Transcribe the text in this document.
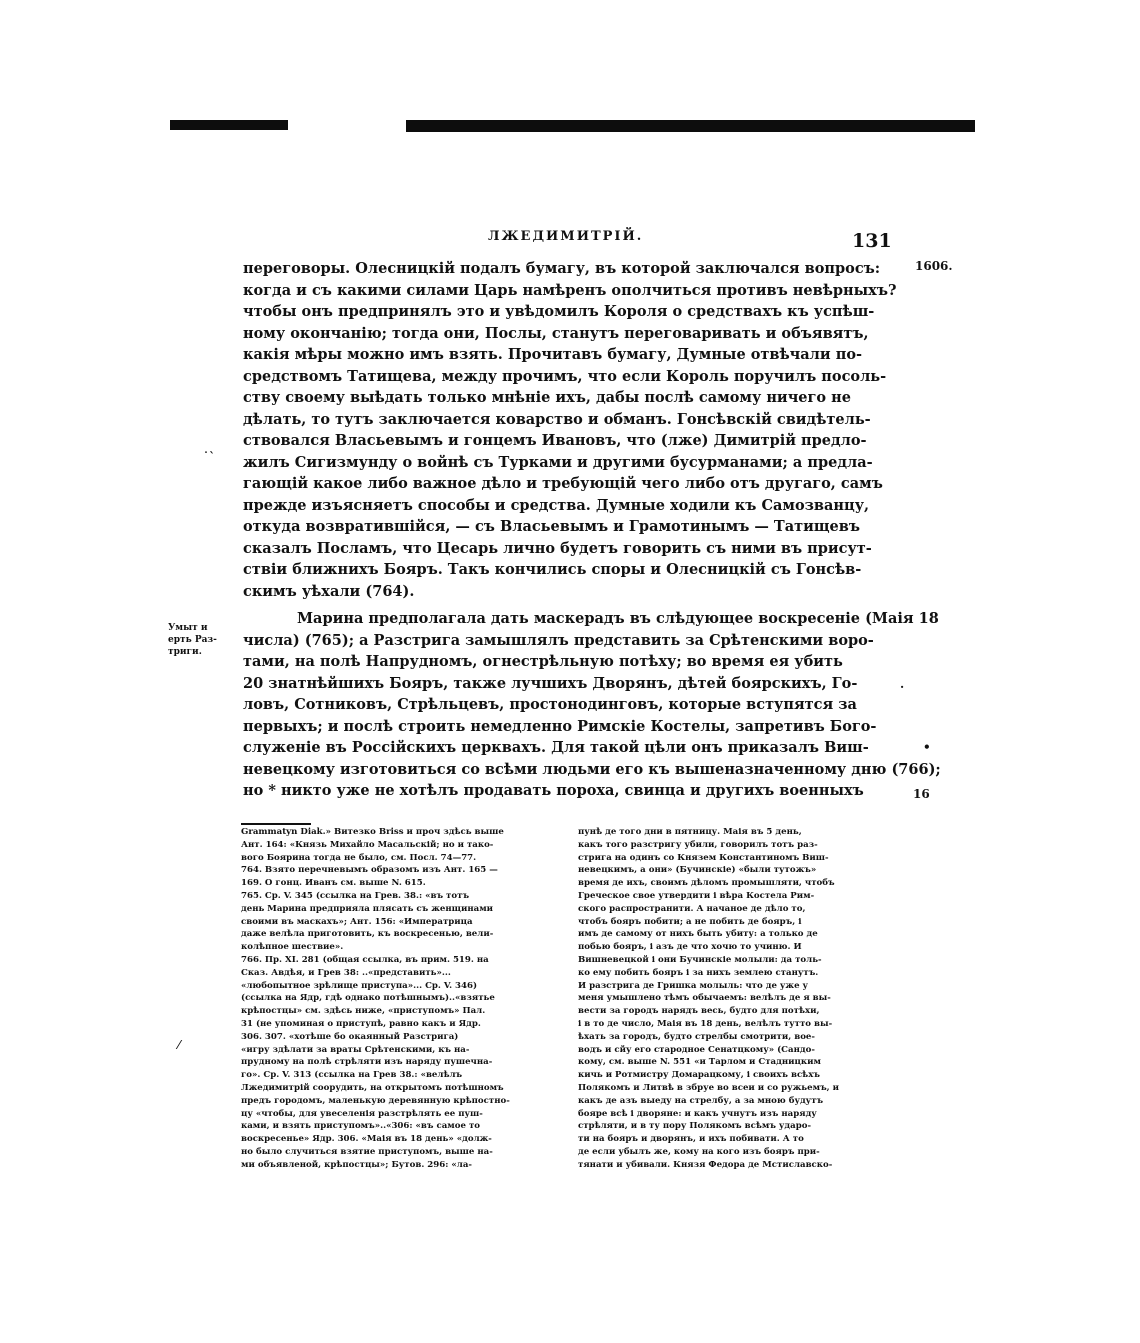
ЛЖЕДИМИТРІЙ.	131
1606.
Умыт и
ерть Раз-
триги.
16
˙`
·
•
⁄

переговоры. Олесницкій подалъ бумагу, въ которой заключался вопросъ:
когда и съ какими силами Царь намѣренъ ополчиться противъ невѣрныхъ?
чтобы онъ предпринялъ это и увѣдомилъ Короля о средствахъ къ успѣш-
ному окончанію; тогда они, Послы, станутъ переговаривать и объявятъ,
какія мѣры можно имъ взять. Прочитавъ бумагу, Думные отвѣчали по-
средствомъ Татищева, между прочимъ, что если Король поручилъ посоль-
ству своему выѣдать только мнѣніе ихъ, дабы послѣ самому ничего не
дѣлать, то тутъ заключается коварство и обманъ. Гонсѣвскій свидѣтель-
ствовался Власьевымъ и гонцемъ Ивановъ, что (лже) Димитрій предло-
жилъ Сигизмунду о войнѣ съ Турками и другими бусурманами; а предла-
гающій какое либо важное дѣло и требующій чего либо отъ другаго, самъ
прежде изъясняетъ способы и средства. Думные ходили къ Самозванцу,
откуда возвратившійся, — съ Власьевымъ и Грамотинымъ — Татищевъ
сказалъ Посламъ, что Цесарь лично будетъ говорить съ ними въ присут-
ствіи ближнихъ Бояръ. Такъ кончились споры и Олесницкій съ Гонсѣв-
скимъ уѣхали (764).

Марина предполагала дать маскерадъ въ слѣдующее воскресеніе (Маія 18
числа) (765); а Разстрига замышлялъ представить за Срѣтенскими воро-
тами, на полѣ Напрудномъ, огнестрѣльную потѣху; во время ея убить
20 знатнѣйшихъ Бояръ, также лучшихъ Дворянъ, дѣтей боярскихъ, Го-
ловъ, Сотниковъ, Стрѣльцевъ, простонодинговъ, которые вступятся за
первыхъ; и послѣ строить немедленно Римскіе Костелы, запретивъ Бого-
служеніе въ Россійскихъ церквахъ. Для такой цѣли онъ приказалъ Виш-
невецкому изготовиться со всѣми людьми его къ вышеназначенному дню (766);
но * никто уже не хотѣлъ продавать пороха, свинца и другихъ военныхъ

Grammatyn Diak.» Витезко Briss и проч здѣсь выше
Ант. 164: «Князь Михайло Масальскій; но и тако-
вого Боярина тогда не было, см. Посл. 74—77.
764. Взято перечневымъ образомъ изъ Ант. 165 —
169. О гонц. Иванъ см. выше N. 615.
765. Ср. V. 345 (ссылка на Грев. 38.: «въ тотъ
день Марина предприяла плясать съ женщинами
своими въ маскахъ»; Ант. 156: «Императрица
даже велѣла приготовить, къ воскресенью, вели-
колѣпное шествие».
766. Пр. XI. 281 (общая ссылка, въ прим. 519. на
Сказ. Авдѣя, и Грев 38: ..«представить»...
«любопытное зрѣлище приступа»... Ср. V. 346)
(ссылка на Ядр, гдѣ однако потѣшнымъ)..«взятье
крѣпостцы» см. здѣсь ниже, «приступомъ» Пал.
31 (не упоминая о приступѣ, равно какъ и Ядр.
306. 307. «хотѣше бо окаянный Разстрига)
«игру здѣлати за враты Срѣтенскими, къ на-
прудному на полѣ стрѣляти изъ наряду пушечна-
го». Ср. V. 313 (ссылка на Грев 38.: «велѣлъ
Лжедимитрій соорудить, на открытомъ потѣшномъ
предъ городомъ, маленькую деревянную крѣпостно-
цу «чтобы, для увеселенія разстрѣлять ее пуш-
ками, и взять приступомъ»..«306: «въ самое то
воскресенье» Ядр. 306. «Маія въ 18 день» «долж-
но было случиться взятие приступомъ, выше на-
ми объявленой, крѣпостцы»; Бутов. 296: «ла-
пунѣ де того дни в пятницу. Маія въ 5 день,
какъ того разстригу убили, говорилъ тотъ раз-
стрига на одинъ со Князем Константиномъ Виш-
невецкимъ, а они» (Бучинскіе) «были тутожъ»
время де ихъ, своимъ дѣломъ промышляти, чтобъ
Греческое свое утвердити і вѣра Костела Рим-
ского распространити. А начаное де дѣло то,
чтобъ бояръ побити; а не побить де бояръ, і
имъ де самому от нихъ быть убиту: а только де
побью бояръ, і азъ де что хочю то учиню. И
Вишневецкой і они Бучинскіе молыли: да толь-
ко ему побить бояръ і за нихъ землею станутъ.
И разстрига де Гришка молыль: что де уже у
меня умышлено тѣмъ обычаемъ: велѣлъ де я вы-
вести за городъ нарядъ весь, будто для потѣхи,
і в то де число, Маія въ 18 день, велѣлъ тутто вы-
ѣхать за городъ, будто стрелбы смотрити, вое-
водъ и сйу его стародное Сенатцкому» (Сандо-
кому, см. выше N. 551 «и Тарлом и Стадницким
кичь и Ротмистру Домарацкому, і своихъ всѣхъ
Полякомъ и Литвѣ в збруе во всеи и со ружьемъ, и
какъ де азъ выеду на стрелбу, а за мною будутъ
бояре всѣ і дворяне: и какъ учнутъ изъ наряду
стрѣляти, и в ту пору Полякомъ всѣмъ ударо-
ти на бояръ и дворянъ, и ихъ побивати. А то
де если убылъ же, кому на кого изъ бояръ при-
тянати и убивали. Князя Федора де Мстиславско-
